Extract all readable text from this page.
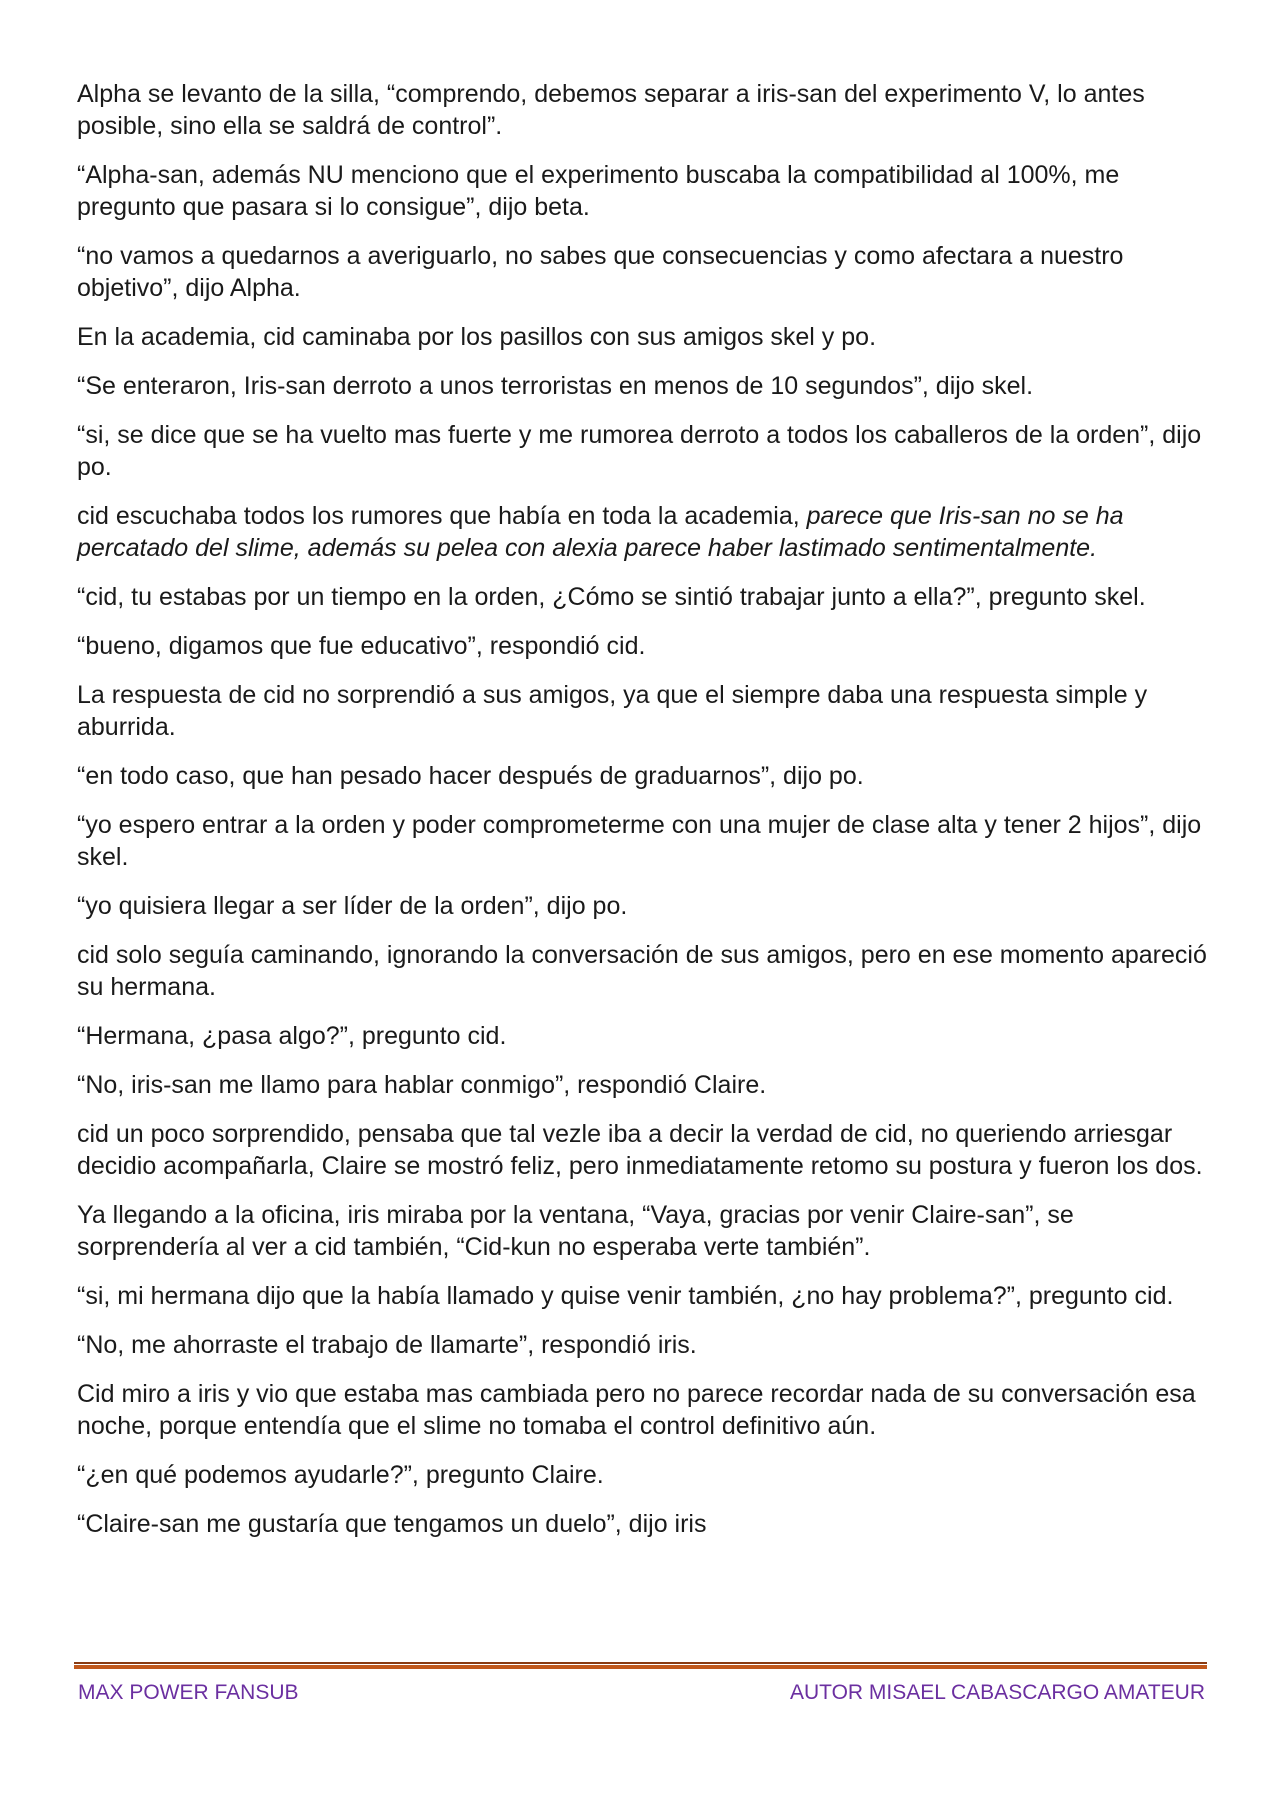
Alpha se levanto de la silla, “comprendo, debemos separar a iris-san del experimento V, lo antes posible, sino ella se saldrá de control”.

“Alpha-san, además NU menciono que el experimento buscaba la compatibilidad al 100%, me pregunto que pasara si lo consigue”, dijo beta.

“no vamos a quedarnos a averiguarlo, no sabes que consecuencias y como afectara a nuestro objetivo”, dijo Alpha.

En la academia, cid caminaba por los pasillos con sus amigos skel y po.

“Se enteraron, Iris-san derroto a unos terroristas en menos de 10 segundos”, dijo skel.

“si, se dice que se ha vuelto mas fuerte y me rumorea derroto a todos los caballeros de la orden”, dijo po.

cid escuchaba todos los rumores que había en toda la academia, parece que Iris-san no se ha percatado del slime, además su pelea con alexia parece haber lastimado sentimentalmente.

“cid, tu estabas por un tiempo en la orden, ¿Cómo se sintió trabajar junto a ella?”, pregunto skel.

“bueno, digamos que fue educativo”, respondió cid.

La respuesta de cid no sorprendió a sus amigos, ya que el siempre daba una respuesta simple y aburrida.

“en todo caso, que han pesado hacer después de graduarnos”, dijo po.

“yo espero entrar a la orden y poder comprometerme con una mujer de clase alta y tener 2 hijos”, dijo skel.

“yo quisiera llegar a ser líder de la orden”, dijo po.

cid solo seguía caminando, ignorando la conversación de sus amigos, pero en ese momento apareció su hermana.

“Hermana, ¿pasa algo?”, pregunto cid.

“No, iris-san me llamo para hablar conmigo”, respondió Claire.

cid un poco sorprendido, pensaba que tal vezle iba a decir la verdad de cid, no queriendo arriesgar decidio acompañarla, Claire se mostró feliz, pero inmediatamente retomo su postura y fueron los dos.

Ya llegando a la oficina, iris miraba por la ventana, “Vaya, gracias por venir Claire-san”, se sorprendería al ver a cid también, “Cid-kun no esperaba verte también”.

“si, mi hermana dijo que la había llamado y quise venir también, ¿no hay problema?”, pregunto cid.

“No, me ahorraste el trabajo de llamarte”, respondió iris.

Cid miro a iris y vio que estaba mas cambiada pero no parece recordar nada de su conversación esa noche, porque entendía que el slime no tomaba el control definitivo aún.

“¿en qué podemos ayudarle?”, pregunto Claire.

“Claire-san me gustaría que tengamos un duelo”, dijo iris

MAX POWER FANSUB	AUTOR MISAEL CABASCARGO AMATEUR
